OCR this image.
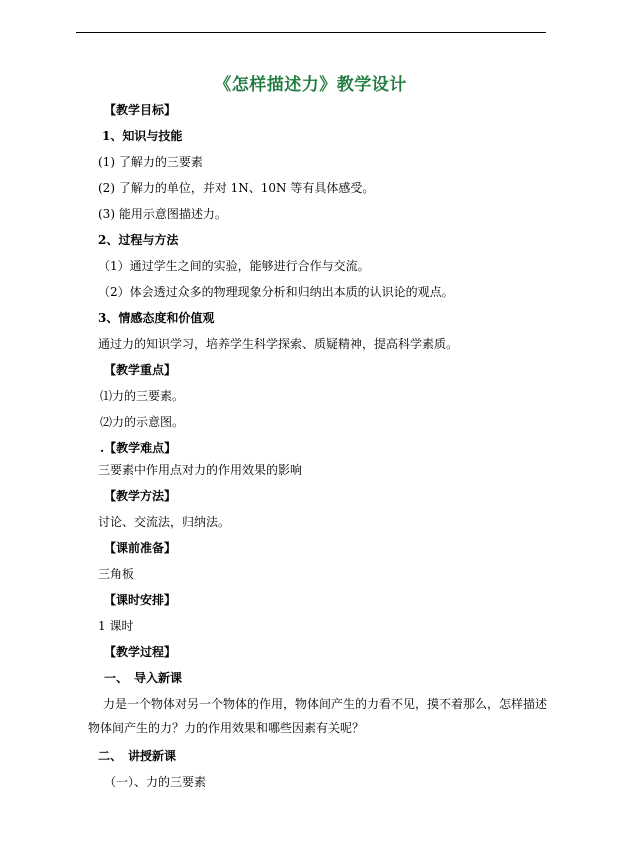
《怎样描述力》教学设计
【教学目标】
1、知识与技能
(1) 了解力的三要素
(2) 了解力的单位，并对 1N、10N 等有具体感受。
(3) 能用示意图描述力。
2、过程与方法
（1）通过学生之间的实验，能够进行合作与交流。
（2）体会透过众多的物理现象分析和归纳出本质的认识论的观点。
3、情感态度和价值观
通过力的知识学习，培养学生科学探索、质疑精神，提高科学素质。
【教学重点】
⑴力的三要素。
⑵力的示意图。
.【教学难点】
三要素中作用点对力的作用效果的影响
【教学方法】
讨论、交流法，归纳法。
【课前准备】
三角板
【课时安排】
1 课时
【教学过程】
一、　导入新课
力是一个物体对另一个物体的作用，物体间产生的力看不见，摸不着那么，怎样描述物体间产生的力？力的作用效果和哪些因素有关呢？
二、　讲授新课
（一）、力的三要素
